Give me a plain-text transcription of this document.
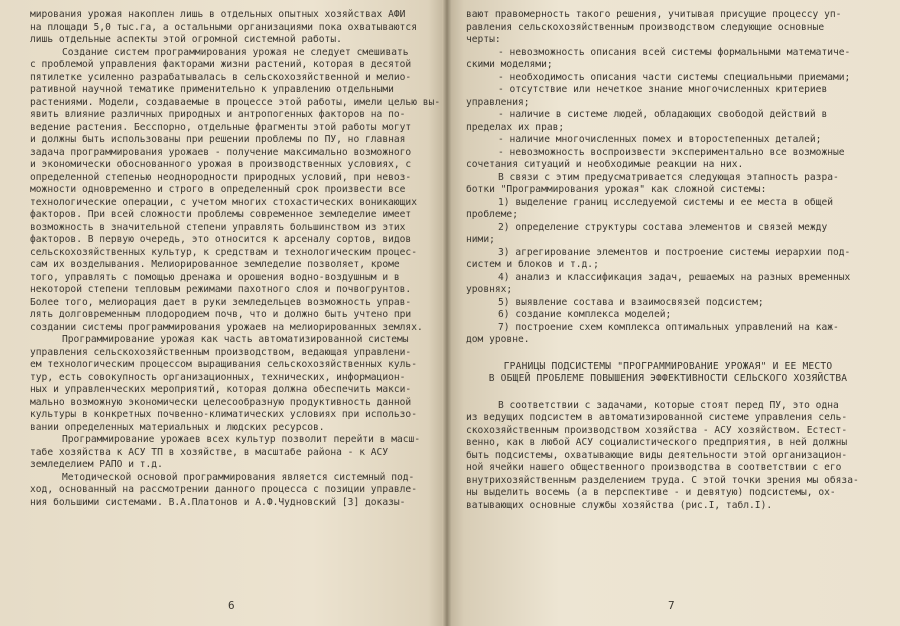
мирования урожая накоплен лишь в отдельных опытных хозяйствах АФИ

на площади 5,0 тыс.га, а остальными организациями пока охватываются

лишь отдельные аспекты этой огромной системной работы.

Создание систем программирования урожая не следует смешивать

с проблемой управления факторами жизни растений, которая в десятой

пятилетке усиленно разрабатывалась в сельскохозяйственной и мелио-

ративной научной тематике применительно к управлению отдельными

растениями. Модели, создаваемые в процессе этой работы, имели целью вы-

явить влияние различных природных и антропогенных факторов на по-

ведение растения. Бесспорно, отдельные фрагменты этой работы могут

и должны быть использованы при решении проблемы по ПУ, но главная

задача программирования урожаев - получение максимально возможного

и экономически обоснованного урожая в производственных условиях, с

определенной степенью неоднородности природных условий, при невоз-

можности одновременно и строго в определенный срок произвести все

технологические операции, с учетом многих стохастических воникающих

факторов. При всей сложности проблемы современное земледелие имеет

возможность в значительной степени управлять большинством из этих

факторов. В первую очередь, это относится к арсеналу сортов, видов

сельскохозяйственных культур, к средствам и технологическим процес-

сам их возделывания. Мелиорированное земледелие позволяет, кроме

того, управлять с помощью дренажа и орошения водно-воздушным и в

некоторой степени тепловым режимами пахотного слоя и почвогрунтов.

Более того, мелиорация дает в руки земледельцев возможность управ-

лять долговременным плодородием почв, что и должно быть учтено при

создании системы программирования урожаев на мелиорированных землях.

Программирование урожая как часть автоматизированной системы

управления сельскохозяйственным производством, ведающая управлени-

ем технологическим процессом выращивания сельскохозяйственных куль-

тур, есть совокупность организационных, технических, информацион-

ных и управленческих мероприятий, которая должна обеспечить макси-

мально возможную экономически целесообразную продуктивность данной

культуры в конкретных почвенно-климатических условиях при использо-

вании определенных материальных и людских ресурсов.

Программирование урожаев всех культур позволит перейти в масш-

табе хозяйства к АСУ ТП в хозяйстве, в масштабе района - к АСУ

земледелием РАПО и т.д.

Методической основой программирования является системный под-

ход, основанный на рассмотрении данного процесса с позиции управле-

ния большими системами. В.А.Платонов и А.Ф.Чудновский [3] доказы-

6

вают правомерность такого решения, учитывая присущие процессу уп-

равления сельскохозяйственным производством следующие основные

черты:

- невозможность описания всей системы формальными математиче-

скими моделями;

- необходимость описания части системы специальными приемами;

- отсутствие или нечеткое знание многочисленных критериев

управления;

- наличие в системе людей, обладающих свободой действий в

пределах их прав;

- наличие многочисленных помех и второстепенных деталей;

- невозможность воспроизвести экспериментально все возможные

сочетания ситуаций и необходимые реакции на них.

В связи с этим предусматривается следующая этапность разра-

ботки "Программирования урожая" как сложной системы:

1) выделение границ исследуемой системы и ее места в общей

проблеме;

2) определение структуры состава элементов и связей между

ними;

3) агрегирование элементов и построение системы иерархии под-

систем и блоков и т.д.;

4) анализ и классификация задач, решаемых на разных временных

уровнях;

5) выявление состава и взаимосвязей подсистем;

6) создание комплекса моделей;

7) построение схем комплекса оптимальных управлений на каж-

дом уровне.

ГРАНИЦЫ ПОДСИСТЕМЫ "ПРОГРАММИРОВАНИЕ УРОЖАЯ" И ЕЕ МЕСТО

В ОБЩЕЙ ПРОБЛЕМЕ ПОВЫШЕНИЯ ЭФФЕКТИВНОСТИ СЕЛЬСКОГО ХОЗЯЙСТВА

В соответствии с задачами, которые стоят перед ПУ, это одна

из ведущих подсистем в автоматизированной системе управления сель-

скохозяйственным производством хозяйства - АСУ хозяйством. Естест-

венно, как в любой АСУ социалистического предприятия, в ней должны

быть подсистемы, охватывающие виды деятельности этой организацион-

ной ячейки нашего общественного производства в соответствии с его

внутрихозяйственным разделением труда. С этой точки зрения мы обяза-

ны выделить восемь (а в перспективе - и девятую) подсистемы, ох-

ватывающих основные службы хозяйства (рис.I, табл.I).

7
